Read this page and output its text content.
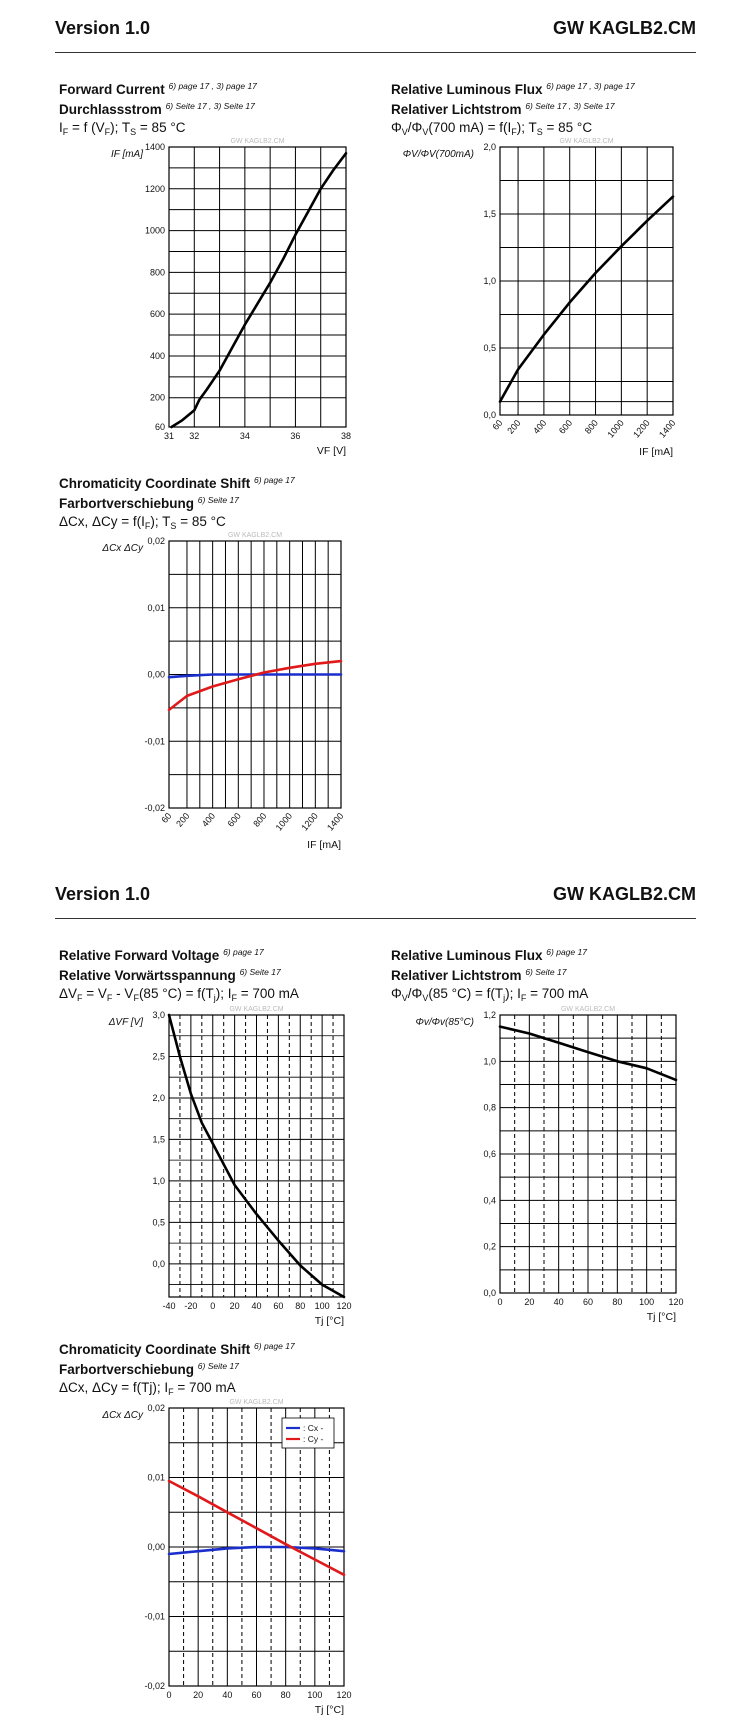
Version 1.0	GW KAGLB2.CM
Forward Current $^{6) page 17 , 3) page 17}$
Durchlassstrom $^{6) Seite 17 , 3) Seite 17}$
$I_F = f$ $(V_F)$; $T_S = 85$ °C
Relative Luminous Flux $^{6) page 17 , 3) page 17}$
Relativer Lichtstrom $^{6) Seite 17 , 3) Seite 17}$
$\Phi_V/\Phi_V(700$ $mA) = f(I_F)$; $T_S = 85$ °C
Chromaticity Coordinate Shift $^{6) page 17}$
Farbortverschiebung $^{6) Seite 17}$
ΔCx, $\Delta Cy = f(I_F)$; $T_S = 85$ °C
Version 1.0	GW KAGLB2.CM
Relative Forward Voltage $^{6) page 17}$
Relative Vorwärtsspannung $^{6) Seite 17}$
$\Delta V_F = V_F - V_F(85$ $^\circ C) = f(T_j)$; $I_F = 700$ mA
Relative Luminous Flux $^{6) page 17}$
Relativer Lichtstrom $^{6) Seite 17}$
$\Phi_V/\Phi_V(85$ $^\circ C) = f(T_j)$; $I_F = 700$ mA
Chromaticity Coordinate Shift $^{6) page 17}$
Farbortverschiebung $^{6) Seite 17}$
ΔCx, ΔCy = f(Tj); $I_F = 700$ mA
GW KAGLB2.CM
60
200
400
600
800
1000
1200
1400
31 32	34	36	38
VF [V]
IF [mA]
GW KAGLB2.CM
0,0
0,5
1,0
1,5
2,0
60 200 400 600 800 1000 1200 1400
IF [mA]
ΦV/ΦV(700mA)
GW KAGLB2.CM
-0,02
-0,01
0,00
0,01
0,02
60 200 400 600 800 1000 1200 1400
IF [mA]
ΔCx ΔCy
GW KAGLB2.CM
0,0
0,5
1,0
1,5
2,0
2,5
3,0
-40 -20 0 20 40 60 80 100 120
Tj [°C]
ΔVF [V]
GW KAGLB2.CM
0,0
0,2
0,4
0,6
0,8
1,0
1,2
0 20 40 60 80 100 120
Tj [°C]
Φv/Φv(85°C)
GW KAGLB2.CM
-0,02
-0,01
0,00
0,01
0,02
0 20 40 60 80 100 120
Tj [°C]
ΔCx ΔCy
: Cx -
: Cy -
